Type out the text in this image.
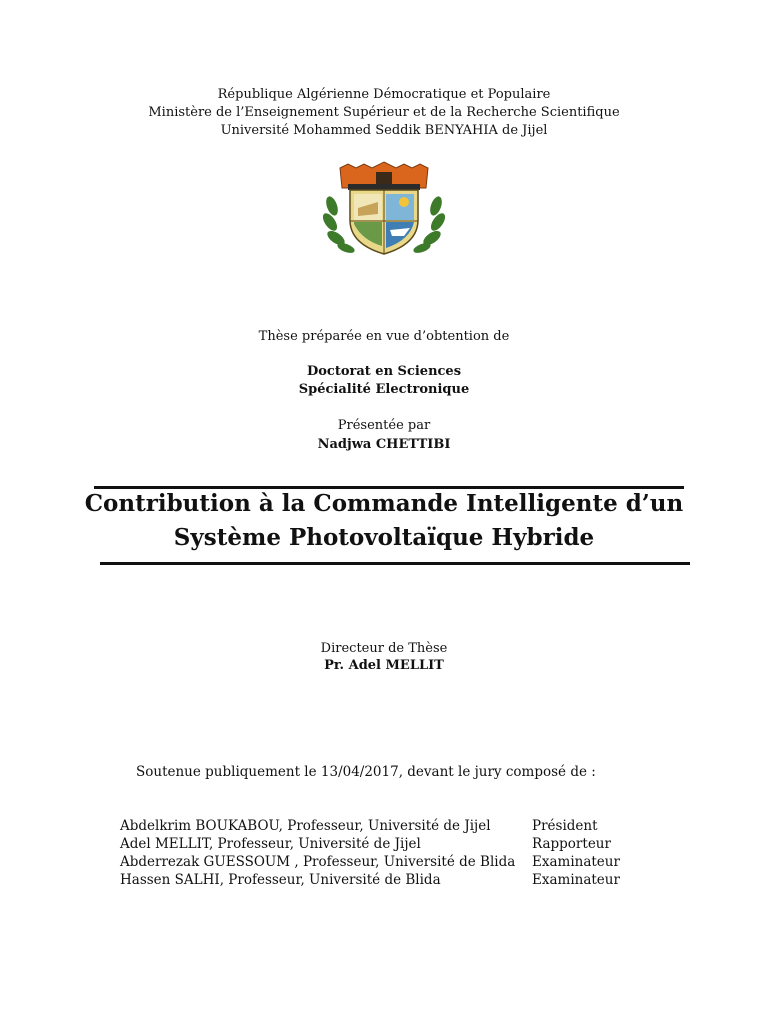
République Algérienne Démocratique et Populaire
Ministère de l’Enseignement Supérieur et de la Recherche Scientifique
Université Mohammed Seddik BENYAHIA de Jijel
Thèse préparée en vue d’obtention de
Doctorat en Sciences
Spécialité Electronique
Présentée par
Nadjwa CHETTIBI
Contribution à la Commande Intelligente d’un
Système Photovoltaïque Hybride
Directeur de Thèse
Pr. Adel MELLIT
Soutenue publiquement le 13/04/2017, devant le jury composé de :
Abdelkrim BOUKABOU, Professeur, Université de Jijel	Président
Adel MELLIT, Professeur, Université de Jijel	Rapporteur
Abderrezak GUESSOUM , Professeur, Université de Blida Examinateur
Hassen SALHI, Professeur, Université de Blida	Examinateur
